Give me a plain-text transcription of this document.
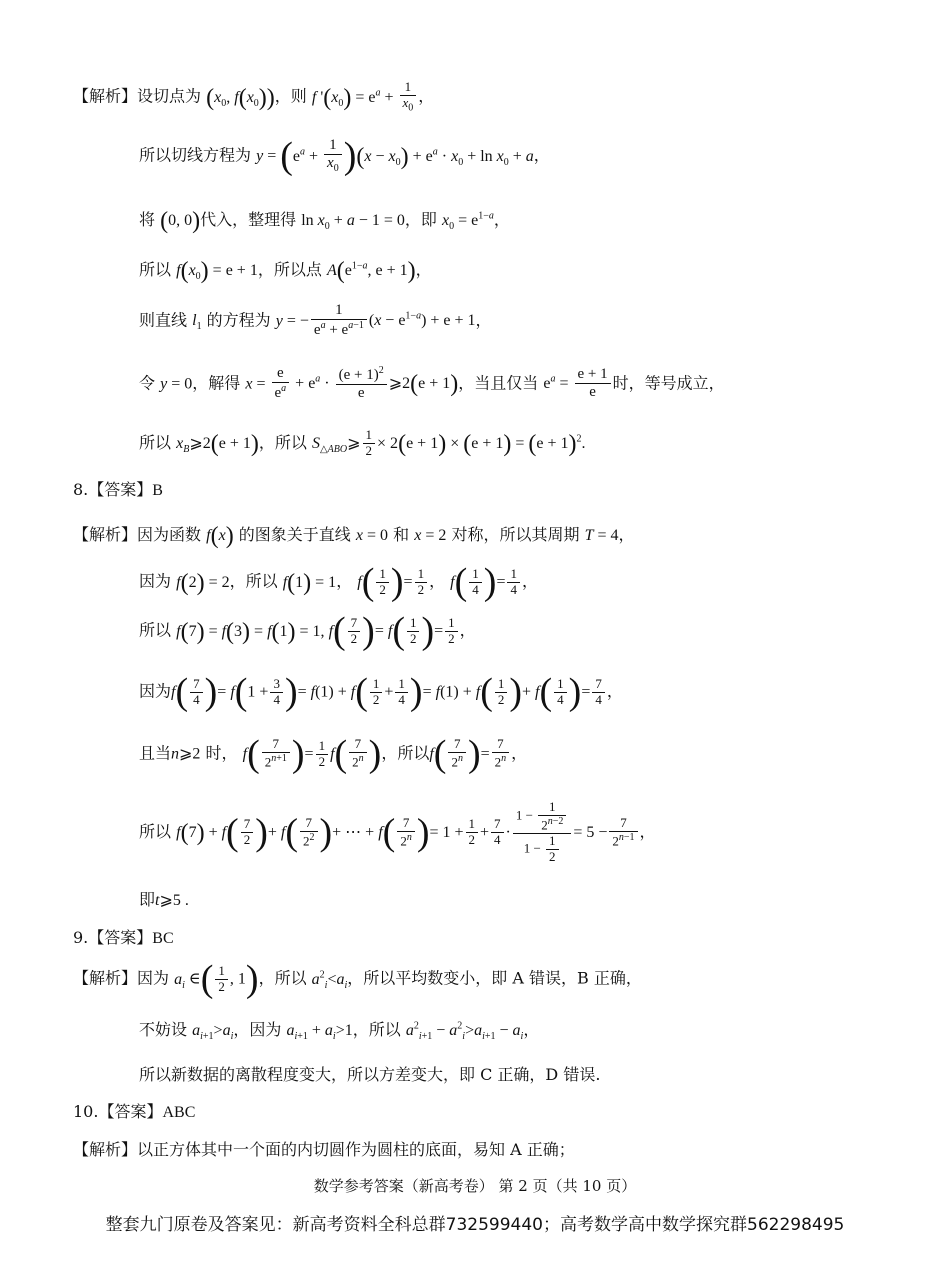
【解析】设切点为 ($x_0$, $f(x_0)$)，则 f '$(x_0) = e^a + \frac{1}{x_0}$ ，
所以切线方程为 $y = (e^a + \frac{1}{x_0} )(x - x_0) + e^a \cdot x_0 + \ln x_0 + a$，
将 (0, 0)代入，整理得 $\ln x_0 + a - 1 = 0$，即 $x_0 = e^{1-a}$，
所以 $f(x_0) = e + 1$，所以点 $A(e^{1-a}$, e + 1)，
则直线 $l_1$ 的方程为 y = − $\frac{1}{e^a + e^{a-1}} (x - e^{1-a}) + e + 1$，
令 y = 0，解得 $x = \frac{e}{e^a} + e^a \cdot \frac{(e + 1)^2}{e}$ ⩾2(e + 1)，当且仅当 $e^a = \frac{e + 1}{e}$ 时，等号成立，
所以 $x_B⩾2(e + 1)$，所以 $S_{\triangle ABO}⩾ \frac{1}{2} \times 2(e + 1) \times (e + 1) = (e + 1)^2$.
8.【答案】B
【解析】因为函数 f(x) 的图象关于直线 x = 0 和 x = 2 对称，所以其周期 T = 4，
因为 f(2) = 2，所以 f(1) = 1， $f( \frac{1}{2}$ )= $\frac{1}{2}$ ， $f( \frac{1}{4}$ )= $\frac{1}{4}$ ，
所以 f(7) = f(3) = f(1) = 1, $f( \frac{7}{2}$ )= $f( \frac{1}{2}$ )= $\frac{1}{2}$ ，
因为$f( \frac{7}{4}$ )= $f(1 + \frac{3}{4}$ )= $f(1) + f( \frac{1}{2} + \frac{1}{4}$ )= $f(1) + f( \frac{1}{2}$ )+ $f( \frac{1}{4}$ )= $\frac{7}{4}$ ，
且当n⩾2 时， $f( \frac{7}{2^{n+1}}$ )= $\frac{1}{2} f( \frac{7}{2^n}$ )，所以$f( \frac{7}{2^n}$ )= $\frac{7}{2^n}$ ，
所以 $f(7) + f( \frac{7}{2}$ )+ $f( \frac{7}{2^2}$ )+ ⋯ + $f( \frac{7}{2^n}$ )= $1 + \frac{1}{2} + \frac{7}{4} \cdot \frac{1 - \frac{1}{2^{n-2}}}{1 - \frac{1}{2}} = 5 - \frac{7}{2^{n-1}}$ ，
即t⩾5 .
9.【答案】BC
【解析】因为 $a_i$ ∈( $\frac{1}{2}$ , 1)，所以 $a^2_i<a_i$，所以平均数变小，即 A 错误，B 正确，
不妨设 $a_{i+1}>a_i$，因为 $a_{i+1} + a_i>1$，所以 $a^2_{i+1} - a^2_i>a_{i+1} - a_i$，
所以新数据的离散程度变大，所以方差变大，即 C 正确，D 错误.
10.【答案】ABC
【解析】以正方体其中一个面的内切圆作为圆柱的底面，易知 A 正确；
数学参考答案（新高考卷） 第 2 页（共 10 页）
整套九门原卷及答案见：新高考资料全科总群732599440；高考数学高中数学探究群562298495
